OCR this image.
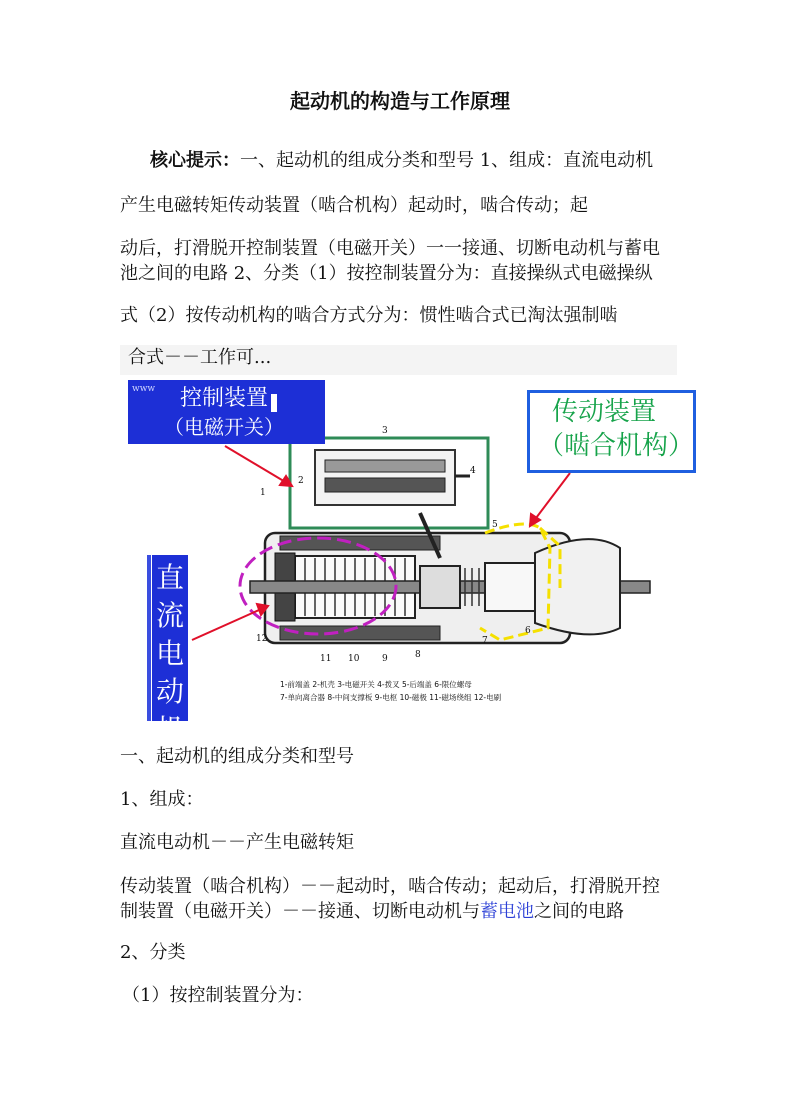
起动机的构造与工作原理
核心提示：一、起动机的组成分类和型号 1、组成：直流电动机
产生电磁转矩传动装置（啮合机构）起动时，啮合传动；起
动后，打滑脱开控制装置（电磁开关）一一接通、切断电动机与蓄电
池之间的电路 2、分类（1）按控制装置分为：直接操纵式电磁操纵
式（2）按传动机构的啮合方式分为：惯性啮合式已淘汰强制啮
合式－－工作可...
1
2
3
4
5
6
7
8
9
10
11
12
1-前端盖 2-机壳 3-电磁开关 4-拨叉 5-后端盖 6-限位螺母
7-单向离合器 8-中间支撑板 9-电枢 10-磁极 11-磁场绕组 12-电刷
www 控制装置
（电磁开关）	传动装置
（啮合机构）
直流电动机
一、起动机的组成分类和型号
1、组成：
直流电动机－－产生电磁转矩
传动装置（啮合机构）－－起动时，啮合传动；起动后，打滑脱开控
制装置（电磁开关）－－接通、切断电动机与蓄电池之间的电路
2、分类
（1）按控制装置分为：
